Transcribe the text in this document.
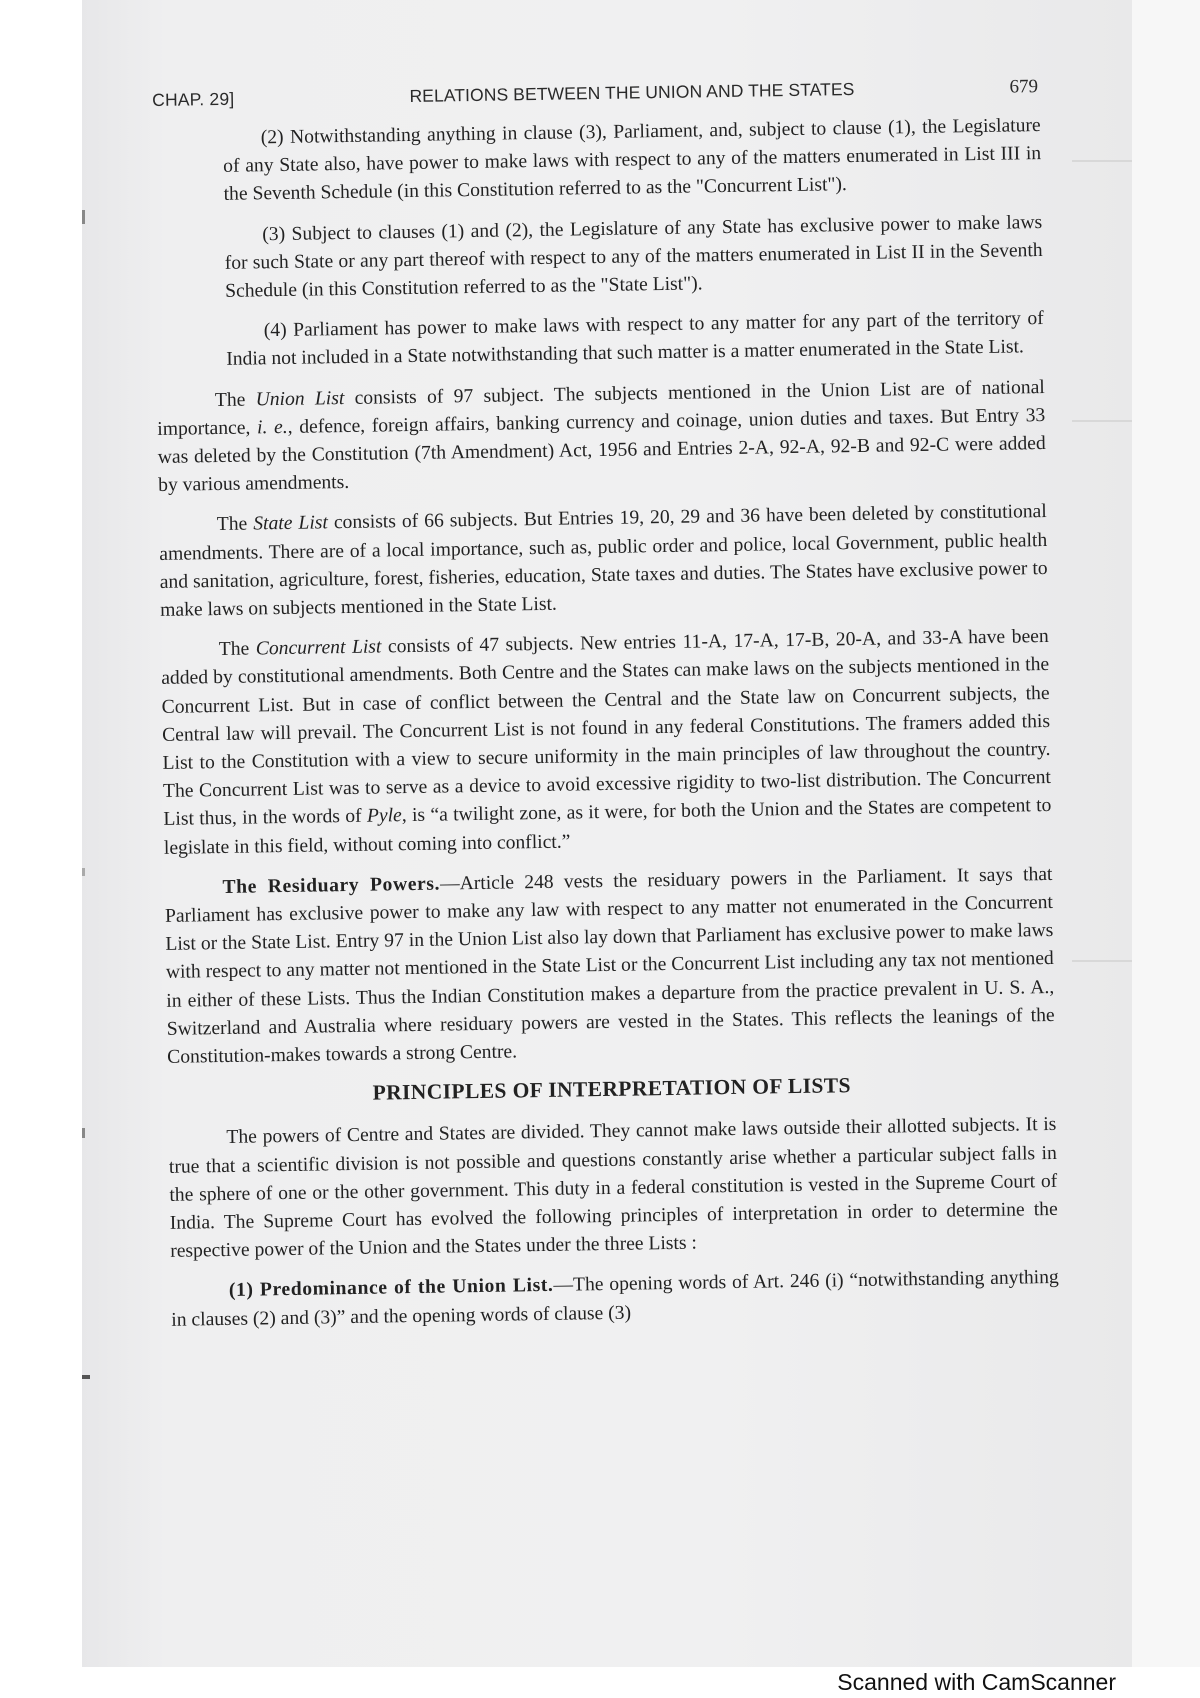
CHAP. 29]	RELATIONS BETWEEN THE UNION AND THE STATES	679

(2) Notwithstanding anything in clause (3), Parliament, and, subject to clause (1), the Legislature of any State also, have power to make laws with respect to any of the matters enumerated in List III in the Seventh Schedule (in this Constitution referred to as the "Concurrent List").

(3) Subject to clauses (1) and (2), the Legislature of any State has exclusive power to make laws for such State or any part thereof with respect to any of the matters enumerated in List II in the Seventh Schedule (in this Constitution referred to as the "State List").

(4) Parliament has power to make laws with respect to any matter for any part of the territory of India not included in a State notwithstanding that such matter is a matter enumerated in the State List.

The Union List consists of 97 subject. The subjects mentioned in the Union List are of national importance, i. e., defence, foreign affairs, banking currency and coinage, union duties and taxes. But Entry 33 was deleted by the Constitution (7th Amendment) Act, 1956 and Entries 2-A, 92-A, 92-B and 92-C were added by various amendments.

The State List consists of 66 subjects. But Entries 19, 20, 29 and 36 have been deleted by constitutional amendments. There are of a local importance, such as, public order and police, local Government, public health and sanitation, agriculture, forest, fisheries, education, State taxes and duties. The States have exclusive power to make laws on subjects mentioned in the State List.

The Concurrent List consists of 47 subjects. New entries 11-A, 17-A, 17-B, 20-A, and 33-A have been added by constitutional amendments. Both Centre and the States can make laws on the subjects mentioned in the Concurrent List. But in case of conflict between the Central and the State law on Concurrent subjects, the Central law will prevail. The Concurrent List is not found in any federal Constitutions. The framers added this List to the Constitution with a view to secure uniformity in the main principles of law throughout the country. The Concurrent List was to serve as a device to avoid excessive rigidity to two-list distribution. The Concurrent List thus, in the words of Pyle, is “a twilight zone, as it were, for both the Union and the States are competent to legislate in this field, without coming into conflict.”

The Residuary Powers.—Article 248 vests the residuary powers in the Parliament. It says that Parliament has exclusive power to make any law with respect to any matter not enumerated in the Concurrent List or the State List. Entry 97 in the Union List also lay down that Parliament has exclusive power to make laws with respect to any matter not mentioned in the State List or the Concurrent List including any tax not mentioned in either of these Lists. Thus the Indian Constitution makes a departure from the practice prevalent in U. S. A., Switzerland and Australia where residuary powers are vested in the States. This reflects the leanings of the Constitution-makes towards a strong Centre.

PRINCIPLES OF INTERPRETATION OF LISTS

The powers of Centre and States are divided. They cannot make laws outside their allotted subjects. It is true that a scientific division is not possible and questions constantly arise whether a particular subject falls in the sphere of one or the other government. This duty in a federal constitution is vested in the Supreme Court of India. The Supreme Court has evolved the following principles of interpretation in order to determine the respective power of the Union and the States under the three Lists :

(1) Predominance of the Union List.—The opening words of Art. 246 (i) “notwithstanding anything in clauses (2) and (3)” and the opening words of clause (3)

Scanned with CamScanner
